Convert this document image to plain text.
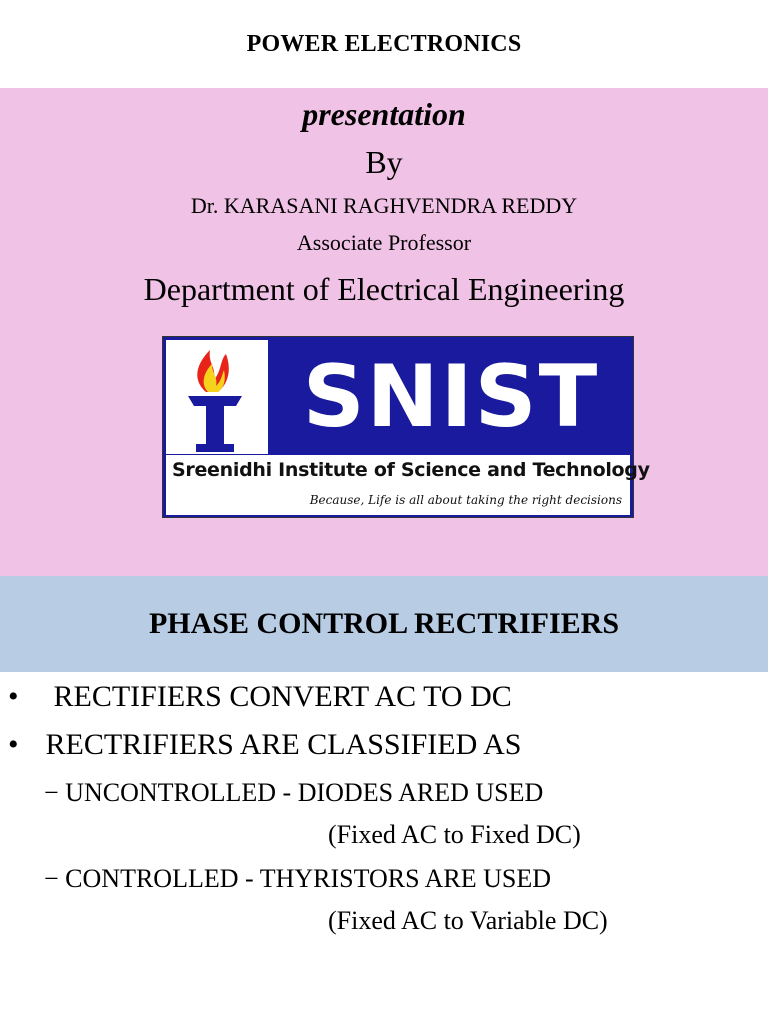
POWER ELECTRONICS
presentation
By
Dr. KARASANI RAGHVENDRA REDDY
Associate Professor
Department of Electrical Engineering
SNIST
Sreenidhi Institute of Science and Technology
Because, Life is all about taking the right decisions
PHASE CONTROL RECTRIFIERS
• RECTIFIERS CONVERT AC TO DC
• RECTRIFIERS ARE CLASSIFIED AS
− UNCONTROLLED - DIODES ARED USED
(Fixed AC to Fixed DC)
− CONTROLLED - THYRISTORS ARE USED
(Fixed AC to Variable DC)
